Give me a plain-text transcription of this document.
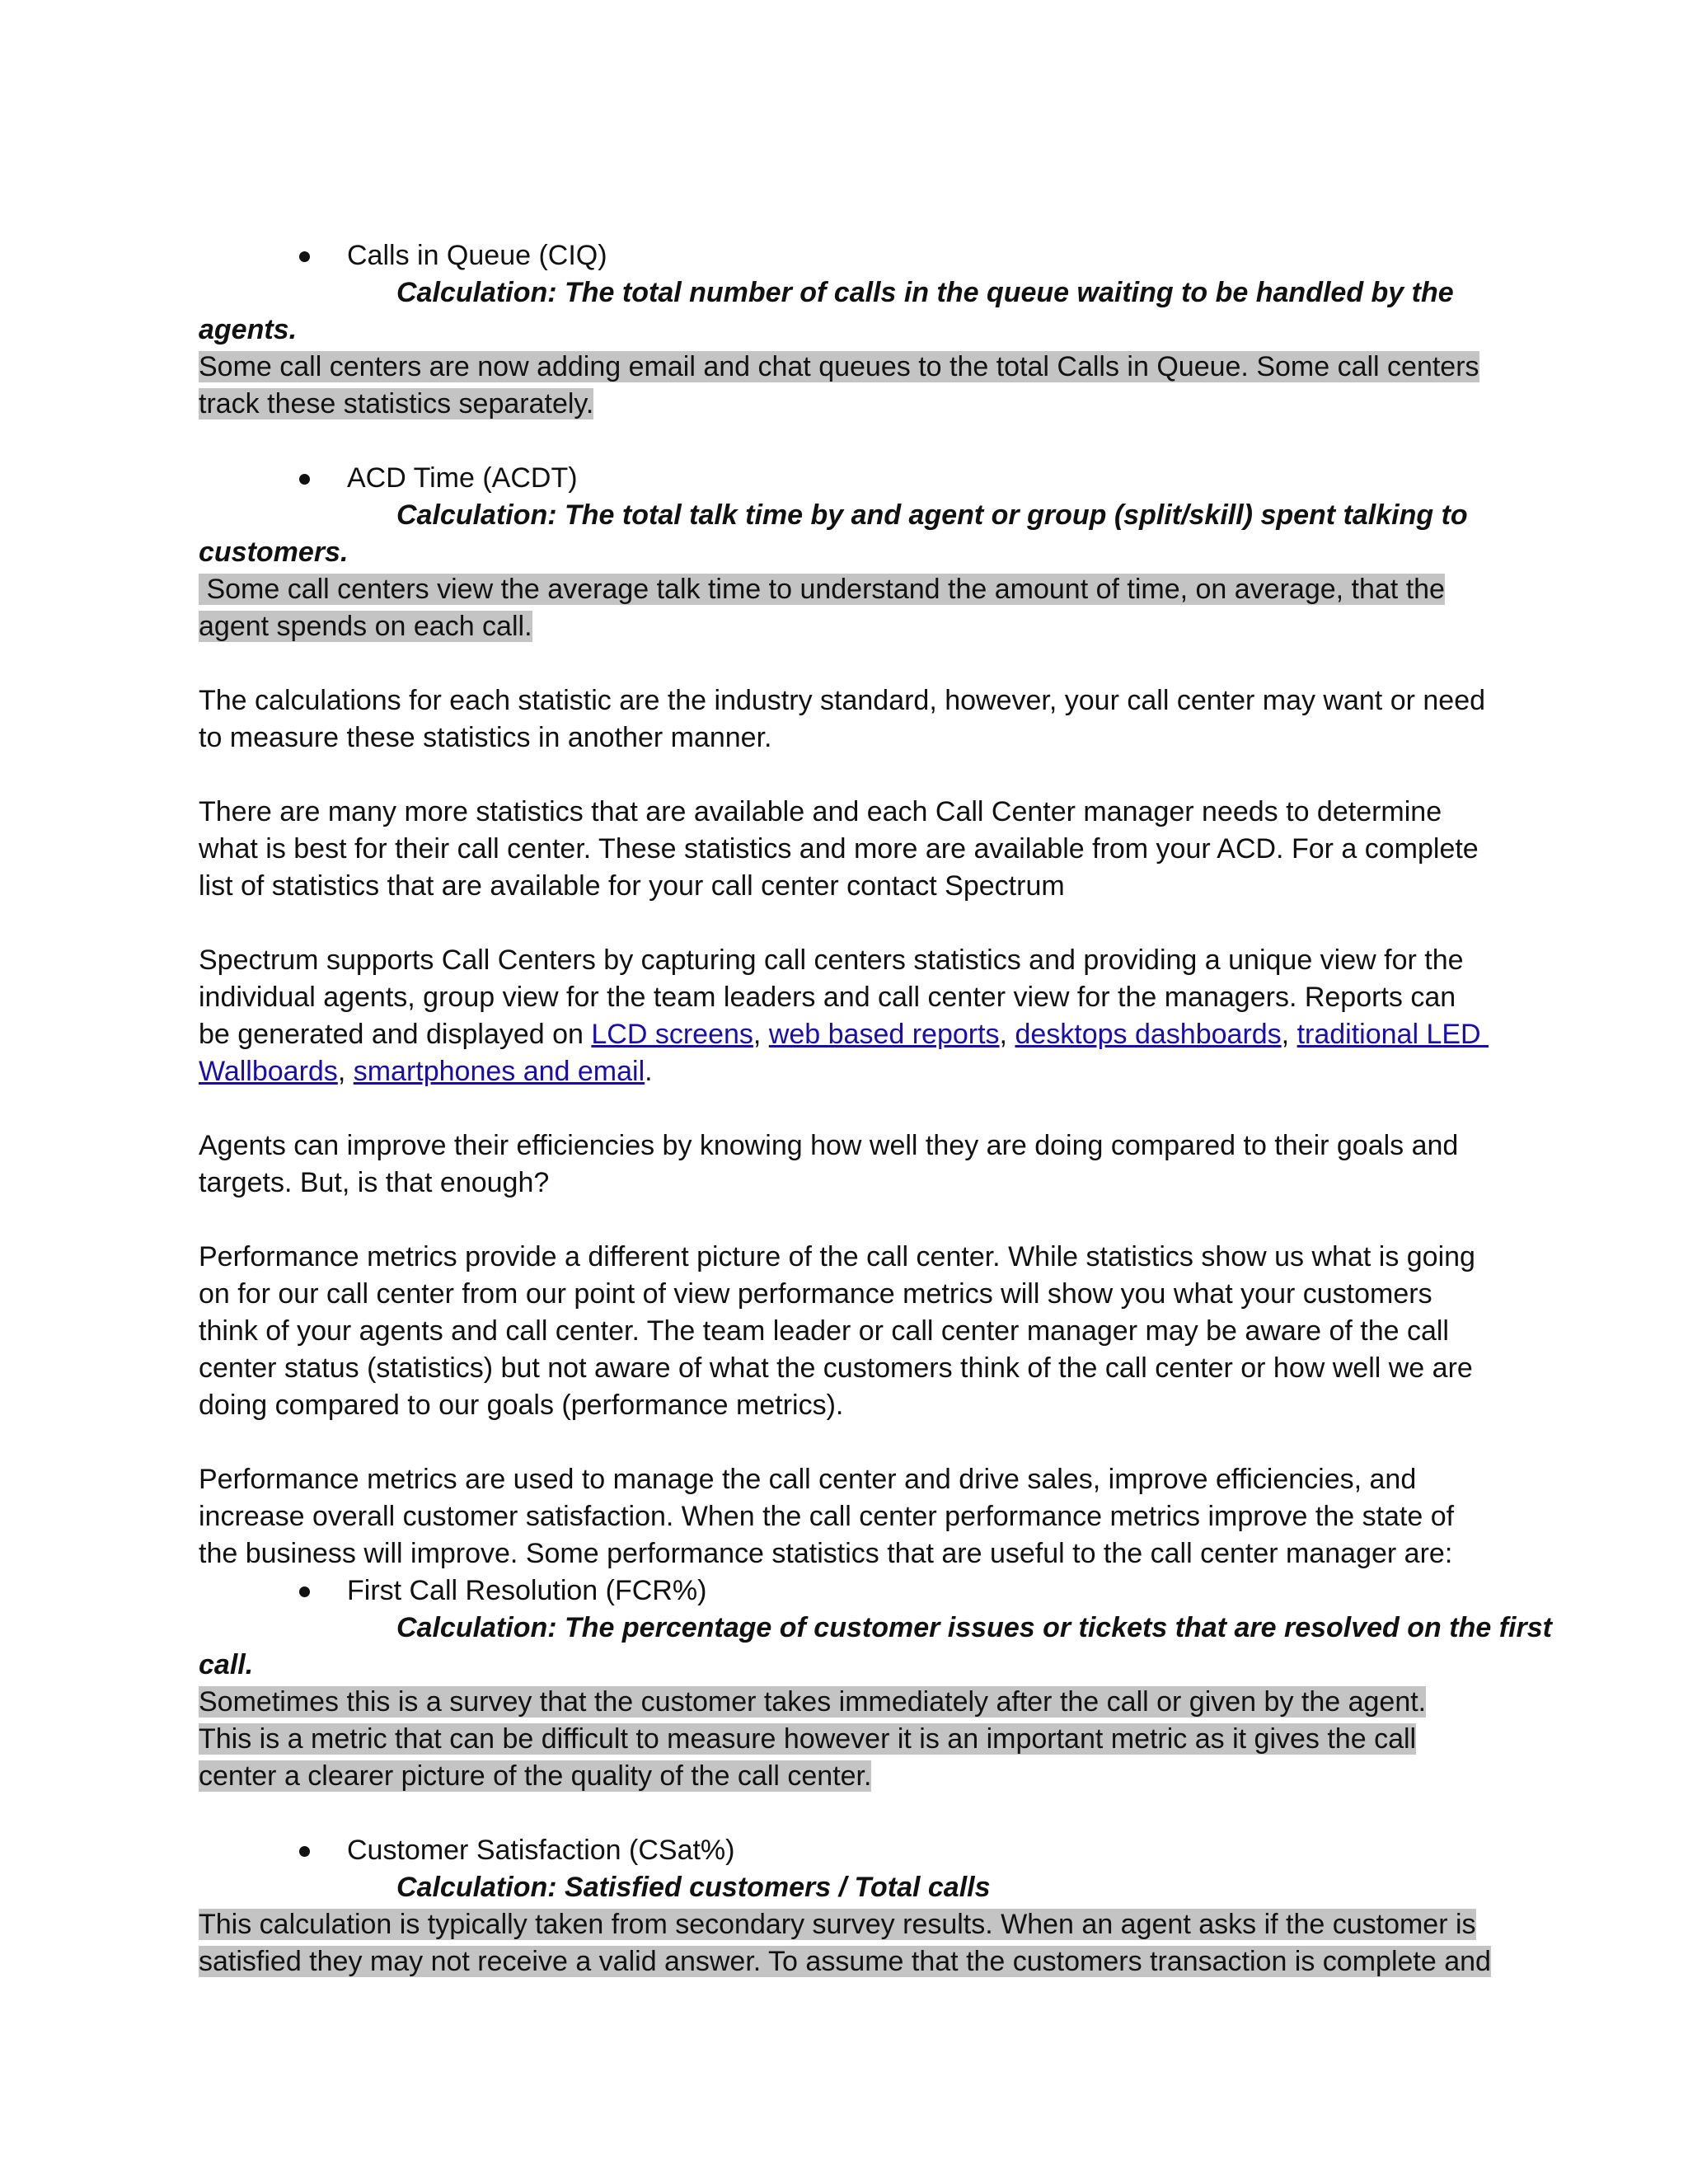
Calls in Queue (CIQ)
Calculation: The total number of calls in the queue waiting to be handled by the
agents.
Some call centers are now adding email and chat queues to the total Calls in Queue. Some call centers
track these statistics separately.
ACD Time (ACDT)
Calculation: The total talk time by and agent or group (split/skill) spent talking to
customers.
Some call centers view the average talk time to understand the amount of time, on average, that the
agent spends on each call.
The calculations for each statistic are the industry standard, however, your call center may want or need
to measure these statistics in another manner.
There are many more statistics that are available and each Call Center manager needs to determine
what is best for their call center. These statistics and more are available from your ACD. For a complete
list of statistics that are available for your call center contact Spectrum
Spectrum supports Call Centers by capturing call centers statistics and providing a unique view for the
individual agents, group view for the team leaders and call center view for the managers. Reports can
be generated and displayed on LCD screens, web based reports, desktops dashboards, traditional LED
Wallboards, smartphones and email.
Agents can improve their efficiencies by knowing how well they are doing compared to their goals and
targets. But, is that enough?
Performance metrics provide a different picture of the call center. While statistics show us what is going
on for our call center from our point of view performance metrics will show you what your customers
think of your agents and call center. The team leader or call center manager may be aware of the call
center status (statistics) but not aware of what the customers think of the call center or how well we are
doing compared to our goals (performance metrics).
Performance metrics are used to manage the call center and drive sales, improve efficiencies, and
increase overall customer satisfaction. When the call center performance metrics improve the state of
the business will improve. Some performance statistics that are useful to the call center manager are:
First Call Resolution (FCR%)
Calculation: The percentage of customer issues or tickets that are resolved on the first
call.
Sometimes this is a survey that the customer takes immediately after the call or given by the agent.
This is a metric that can be difficult to measure however it is an important metric as it gives the call
center a clearer picture of the quality of the call center.
Customer Satisfaction (CSat%)
Calculation: Satisfied customers / Total calls
This calculation is typically taken from secondary survey results. When an agent asks if the customer is
satisfied they may not receive a valid answer. To assume that the customers transaction is complete and
